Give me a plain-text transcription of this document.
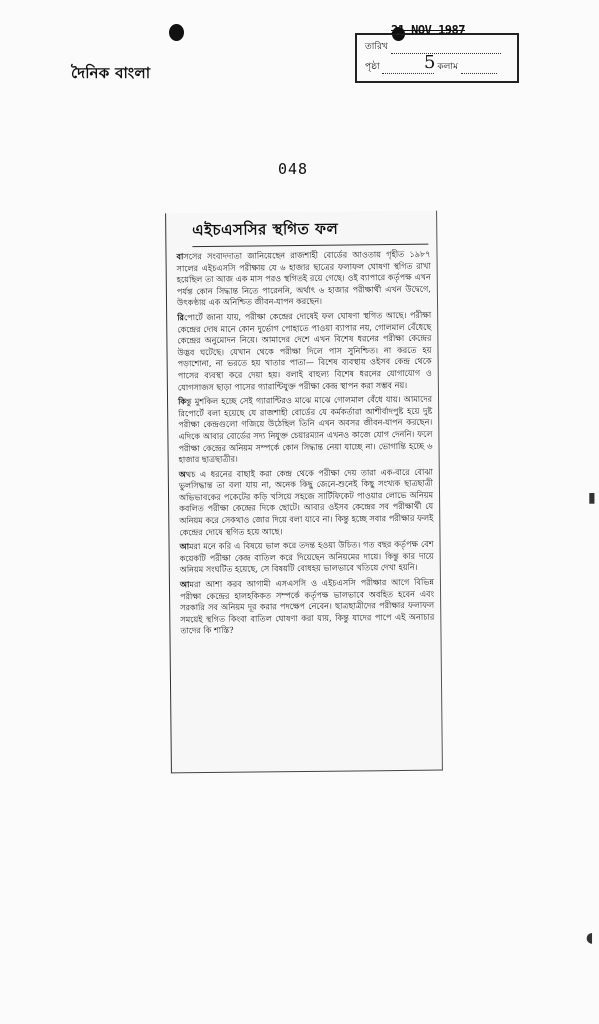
দৈনিক বাংলা
তারিখ
পৃষ্ঠা	কলাম
21 NOV 1987
5
048
এইচএসসির স্থগিত ফল

বাসসের সংবাদদাতা জানিয়েছেন রাজশাহী বোর্ডের আওতায় গৃহীত ১৯৮৭ সালের এইচএসসি পরীক্ষায় যে ৬ হাজার ছাত্রের ফলাফল ঘোষণা স্থগিত রাখা হয়েছিল তা আজ এক মাস পরও স্থগিতই রয়ে গেছে। ওই ব্যাপারে কর্তৃপক্ষ এখন পর্যন্ত কোন সিদ্ধান্ত নিতে পারেননি, অর্থাৎ ৬ হাজার পরীক্ষার্থী এখন উদ্বেগে, উৎকণ্ঠায় এক অনিশ্চিত জীবন-যাপন করছেন।

রিপোর্টে জানা যায়, পরীক্ষা কেন্দ্রের দোষেই ফল ঘোষণা স্থগিত আছে। পরীক্ষা কেন্দ্রের দোষ মানে কোন দুর্ভোগ পোহাতে পাওয়া ব্যাপার নয়, গোলমাল বেঁধেছে কেন্দ্রের অনুমোদন নিয়ে। আমাদের দেশে এখন বিশেষ ধরনের পরীক্ষা কেন্দ্রের উদ্ভব ঘটেছে। যেখান থেকে পরীক্ষা দিলে পাস সুনিশ্চিত। না করতে হয় পড়াশোনা, না ভরতে হয় খাতার পাতা— বিশেষ ব্যবস্থায় ওইসব কেন্দ্র থেকে পাসের ব্যবস্থা করে দেয়া হয়। বলাই বাহুল্য বিশেষ ধরনের যোগাযোগ ও যোগসাজস ছাড়া পাসের গ্যারান্টিযুক্ত পরীক্ষা কেন্দ্র স্থাপন করা সম্ভব নয়।

কিন্তু মুশকিল হচ্ছে সেই গ্যারান্টিরও মাঝে মাঝে গোলমাল বেঁধে যায়। আমাদের রিপোর্টে বলা হয়েছে যে রাজশাহী বোর্ডের যে কর্মকর্তারা আশীর্বাদপুষ্ট হয়ে দুষ্ট পরীক্ষা কেন্দ্রগুলো গজিয়ে উঠেছিল তিনি এখন অবসর জীবন-যাপন করছেন। এদিকে আবার বোর্ডের সদ্য নিযুক্ত চেয়ারম্যান এখনও কাজে যোগ দেননি। ফলে পরীক্ষা কেন্দ্রের অনিয়ম সম্পর্কে কোন সিদ্ধান্ত নেয়া যাচ্ছে না। ভোগান্তি হচ্ছে ৬ হাজার ছাত্রছাত্রীর।

অথচ এ ধরনের বাছাই করা কেন্দ্র থেকে পরীক্ষা দেয় তারা এক-বারে বোঝা ভুলসিদ্ধান্ত তা বলা যায় না, অনেক কিছু জেনে-শুনেই কিছু সংখ্যক ছাত্রছাত্রী অভিভাবকের পকেটের কড়ি খসিয়ে সহজে সার্টিফিকেট পাওয়ার লোভে অনিয়ম কবলিত পরীক্ষা কেন্দ্রের দিকে ছোটে। আবার ওইসব কেন্দ্রের সব পরীক্ষার্থী যে অনিয়ম করে সেকথাও জোর দিয়ে বলা যাবে না। কিন্তু হচ্ছে সবার পরীক্ষার ফলই কেন্দ্রের দোষে স্থগিত হয়ে আছে।

আমরা মনে করি এ বিষয়ে ভাল করে তদন্ত হওয়া উচিত। গত বছর কর্তৃপক্ষ বেশ কয়েকটি পরীক্ষা কেন্দ্র বাতিল করে দিয়েছেন অনিয়মের দায়ে। কিন্তু কার দায়ে অনিয়ম সংঘটিত হয়েছে, সে বিষয়টি বোধহয় ভালভাবে খতিয়ে দেখা হয়নি।

আমরা আশা করব আগামী এসএসসি ও এইচএসসি পরীক্ষার আগে বিভিন্ন পরীক্ষা কেন্দ্রের হালহকিকত সম্পর্কে কর্তৃপক্ষ ভালভাবে অবহিত হবেন এবং সরকারি সব অনিয়ম দূর করার পদক্ষেপ নেবেন। ছাত্রছাত্রীদের পরীক্ষার ফলাফল সময়েই স্থগিত কিংবা বাতিল ঘোষণা করা যায়, কিন্তু যাদের পাপে এই অনাচার তাদের কি শাস্তি?

▮
◖
